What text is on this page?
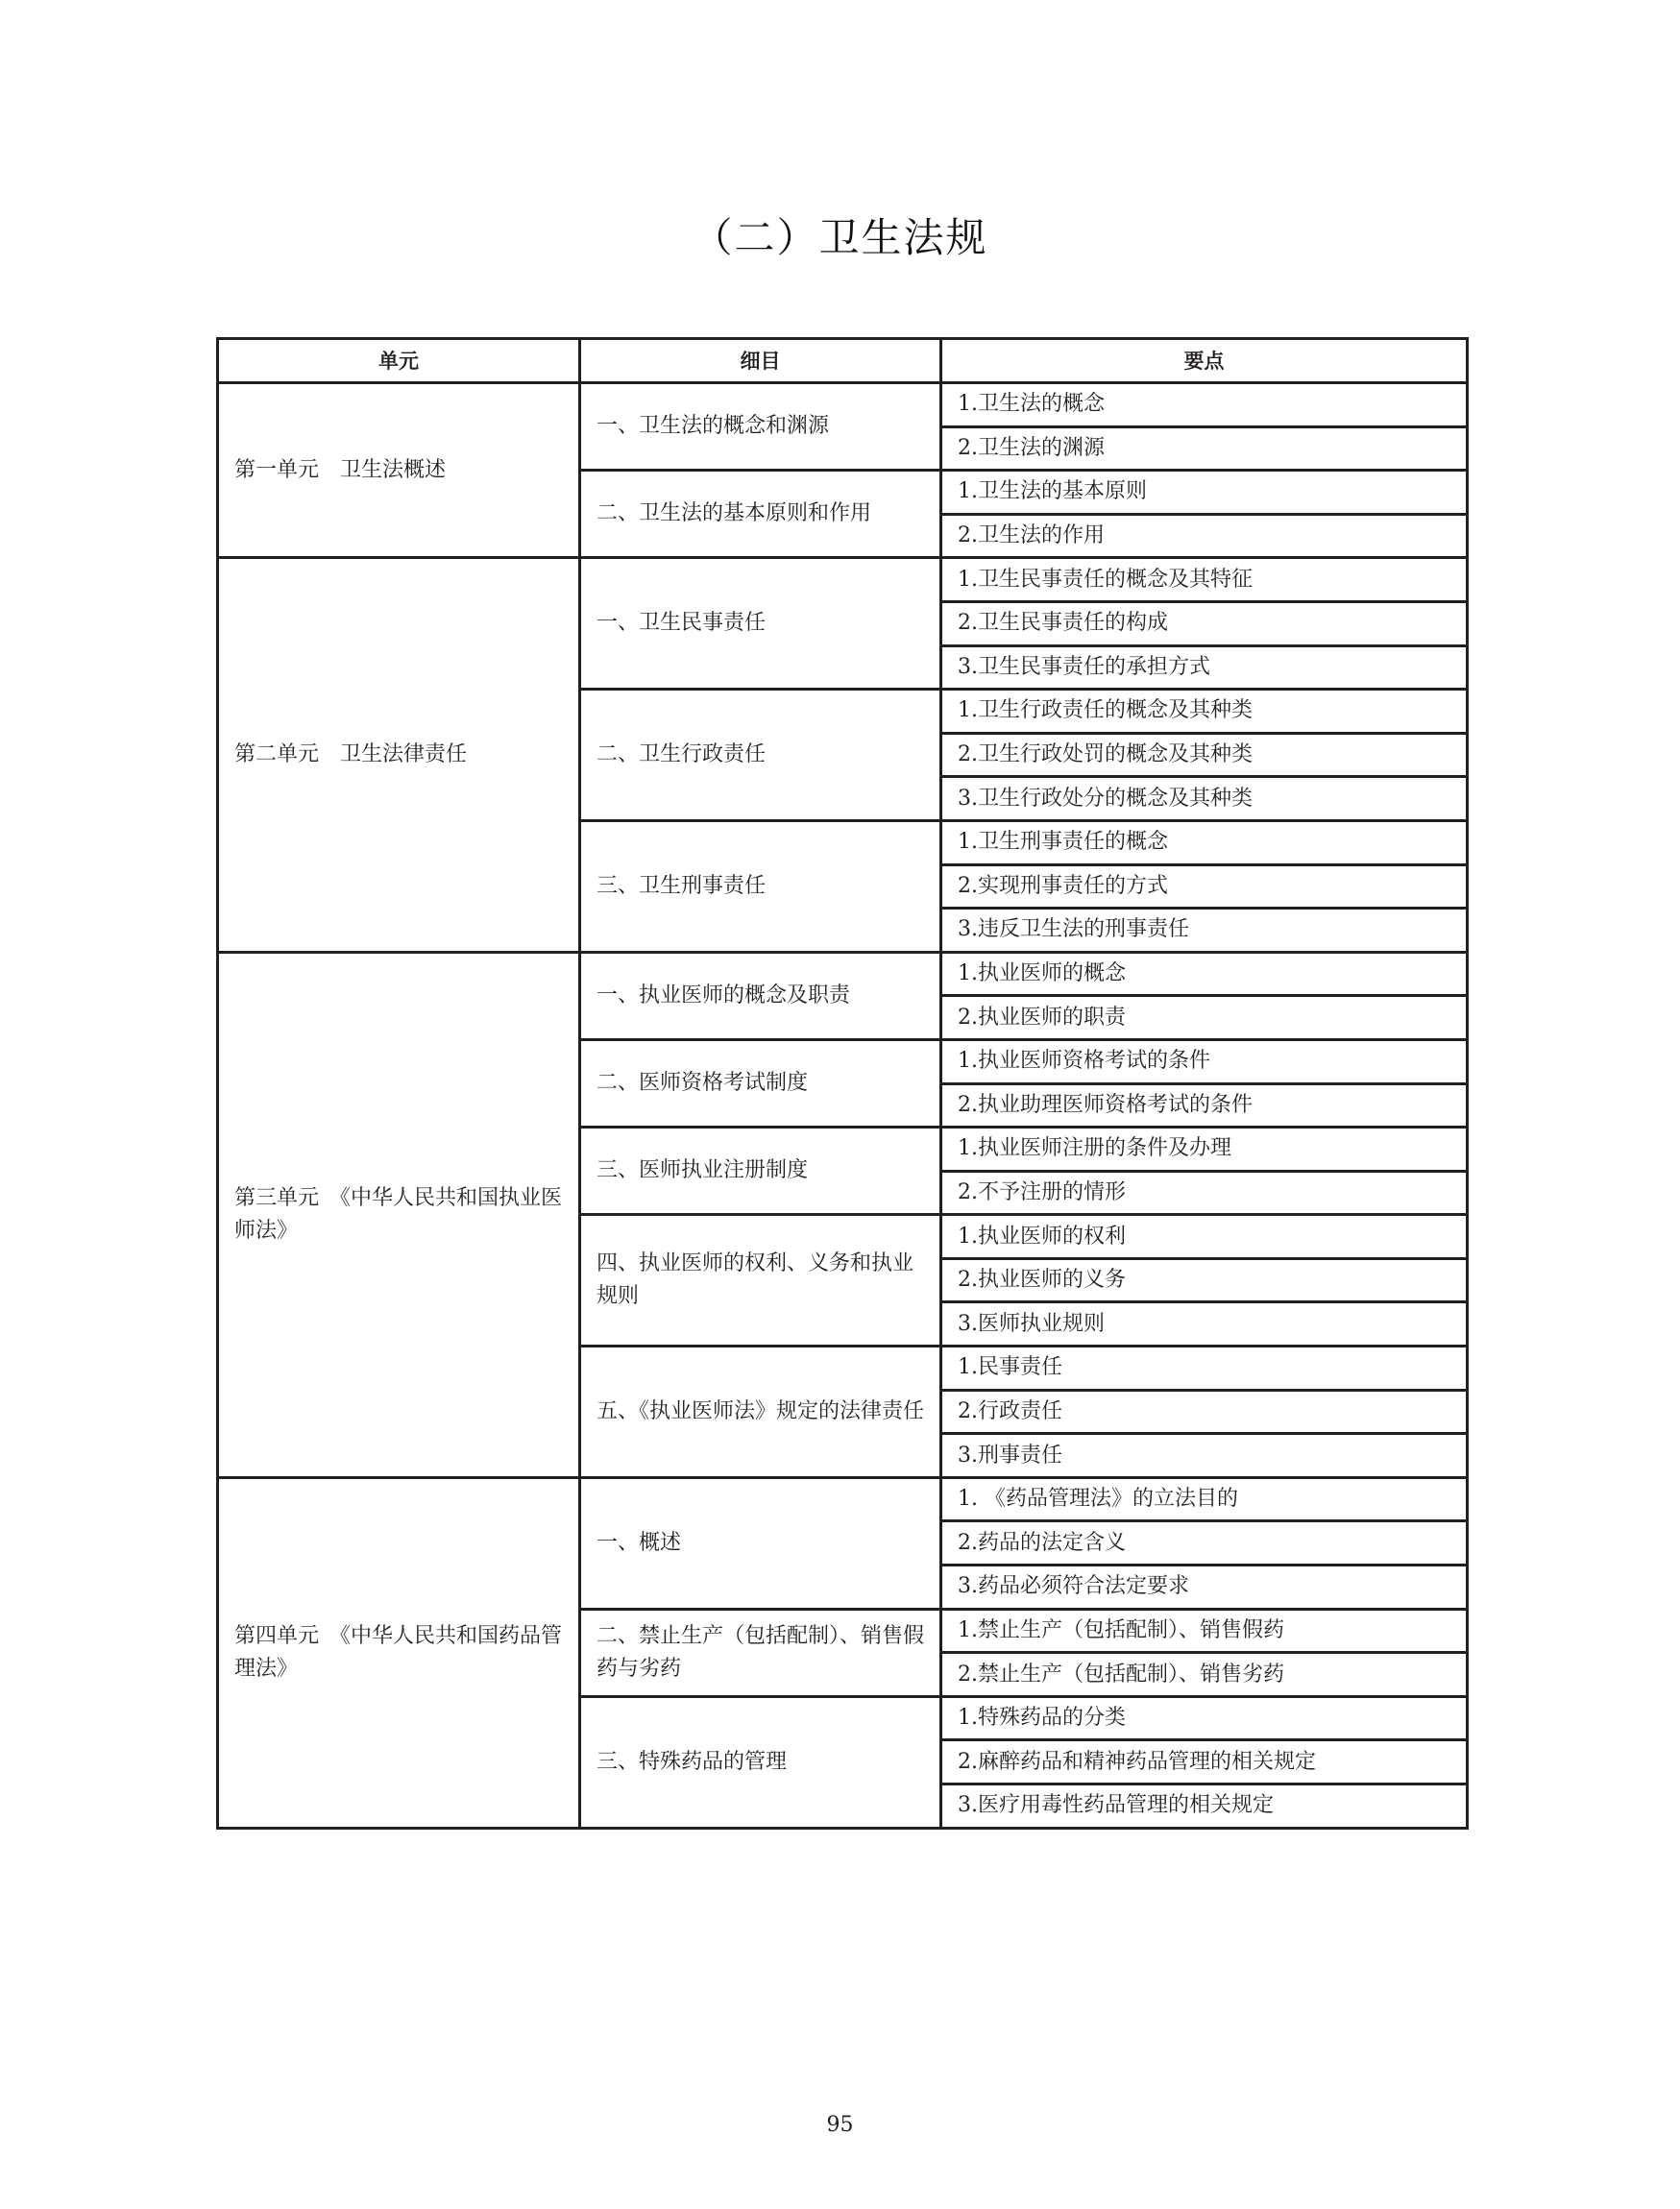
（二）卫生法规
单元	细目	要点
第一单元　卫生法概述	一、卫生法的概念和渊源	1.卫生法的概念
		2.卫生法的渊源
	二、卫生法的基本原则和作用	1.卫生法的基本原则
		2.卫生法的作用
第二单元　卫生法律责任	一、卫生民事责任	1.卫生民事责任的概念及其特征
		2.卫生民事责任的构成
		3.卫生民事责任的承担方式
	二、卫生行政责任	1.卫生行政责任的概念及其种类
		2.卫生行政处罚的概念及其种类
		3.卫生行政处分的概念及其种类
	三、卫生刑事责任	1.卫生刑事责任的概念
		2.实现刑事责任的方式
		3.违反卫生法的刑事责任
第三单元　《中华人民共和国执业医师法》	一、执业医师的概念及职责	1.执业医师的概念
		2.执业医师的职责
	二、医师资格考试制度	1.执业医师资格考试的条件
		2.执业助理医师资格考试的条件
	三、医师执业注册制度	1.执业医师注册的条件及办理
		2.不予注册的情形
	四、执业医师的权利、义务和执业规则	1.执业医师的权利
		2.执业医师的义务
		3.医师执业规则
	五、《执业医师法》规定的法律责任	1.民事责任
		2.行政责任
		3.刑事责任
第四单元　《中华人民共和国药品管理法》	一、概述	1. 《药品管理法》的立法目的
		2.药品的法定含义
		3.药品必须符合法定要求
	二、禁止生产（包括配制）、销售假药与劣药	1.禁止生产（包括配制）、销售假药
		2.禁止生产（包括配制）、销售劣药
	三、特殊药品的管理	1.特殊药品的分类
		2.麻醉药品和精神药品管理的相关规定
		3.医疗用毒性药品管理的相关规定
95
